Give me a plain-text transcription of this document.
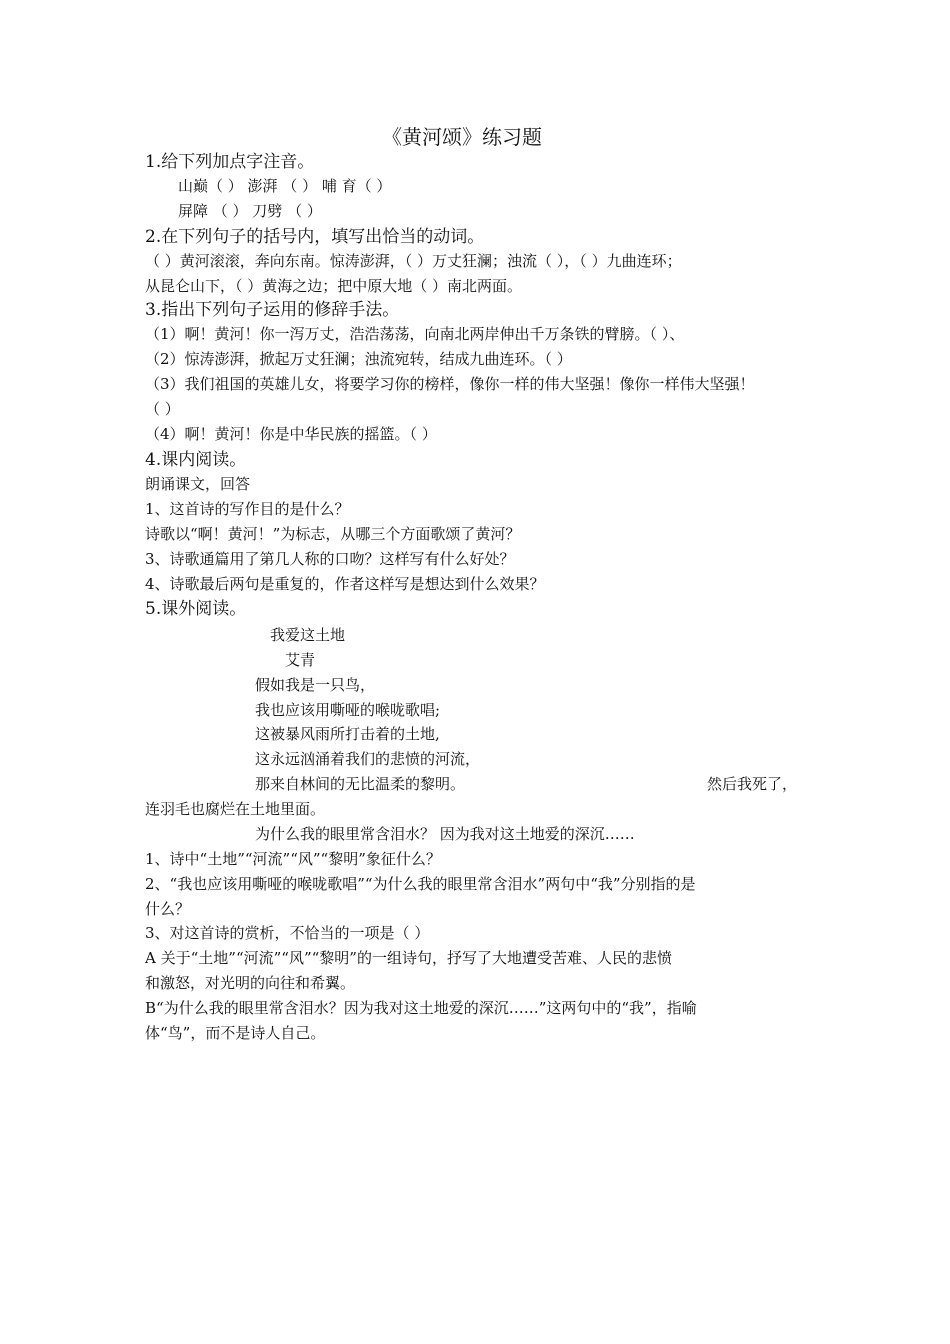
《黄河颂》练习题
1.给下列加点字注音。
山巅（ ） 澎湃 （ ） 哺 育（ ）
屏障 （ ） 刀劈 （ ）
2.在下列句子的括号内，填写出恰当的动词。
（ ）黄河滚滚，奔向东南。惊涛澎湃，（ ）万丈狂澜；浊流（ ），（ ）九曲连环；
从昆仑山下，（ ）黄海之边；把中原大地（ ）南北两面。
3.指出下列句子运用的修辞手法。
（1）啊！黄河！你一泻万丈，浩浩荡荡，向南北两岸伸出千万条铁的臂膀。（ ）、
（2）惊涛澎湃，掀起万丈狂澜；浊流宛转，结成九曲连环。（ ）
（3）我们祖国的英雄儿女，将要学习你的榜样，像你一样的伟大坚强！像你一样伟大坚强！
（ ）
（4）啊！黄河！你是中华民族的摇篮。（ ）
4.课内阅读。
朗诵课文，回答
1、这首诗的写作目的是什么？
诗歌以“啊！黄河！”为标志，从哪三个方面歌颂了黄河？
3、诗歌通篇用了第几人称的口吻？这样写有什么好处？
4、诗歌最后两句是重复的，作者这样写是想达到什么效果？
5.课外阅读。
我爱这土地
艾青
假如我是一只鸟，
我也应该用嘶哑的喉咙歌唱;
这被暴风雨所打击着的土地,
这永远汹涌着我们的悲愤的河流，
那来自林间的无比温柔的黎明。	然后我死了，
连羽毛也腐烂在土地里面。
为什么我的眼里常含泪水？ 因为我对这土地爱的深沉……
1、诗中“土地”“河流”“风”“黎明”象征什么？
2、“我也应该用嘶哑的喉咙歌唱”“为什么我的眼里常含泪水”两句中“我”分别指的是
什么？
3、对这首诗的赏析，不恰当的一项是（ ）
A 关于“土地”“河流”“风”“黎明”的一组诗句，抒写了大地遭受苦难、人民的悲愤
和激怒，对光明的向往和希翼。
B“为什么我的眼里常含泪水？因为我对这土地爱的深沉……”这两句中的“我”，指喻
体“鸟”，而不是诗人自己。
